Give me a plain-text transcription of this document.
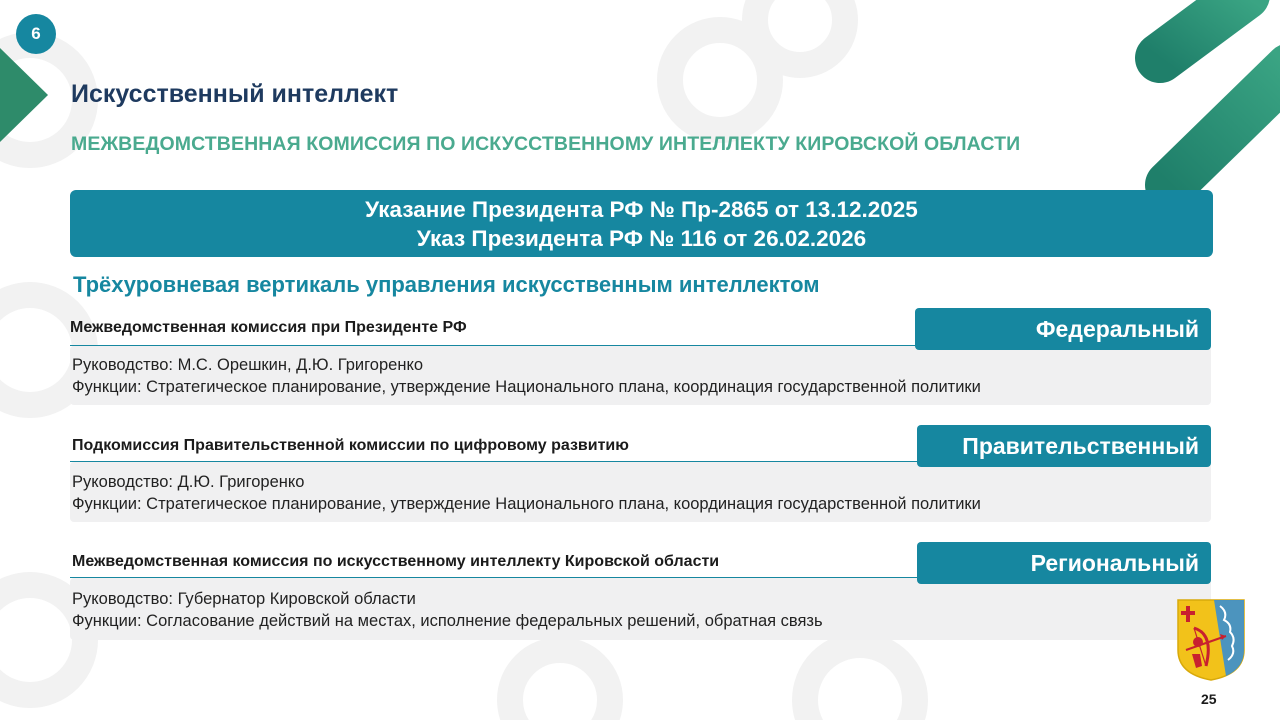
6
Искусственный интеллект
МЕЖВЕДОМСТВЕННАЯ КОМИССИЯ ПО ИСКУССТВЕННОМУ ИНТЕЛЛЕКТУ КИРОВСКОЙ ОБЛАСТИ
Указание Президента РФ № Пр-2865 от 13.12.2025
Указ Президента РФ № 116 от 26.02.2026
Трёхуровневая вертикаль управления искусственным интеллектом
Межведомственная комиссия при Президенте РФ	Федеральный
Руководство: М.С. Орешкин, Д.Ю. Григоренко
Функции: Стратегическое планирование, утверждение Национального плана, координация государственной политики
Подкомиссия Правительственной комиссии по цифровому развитию	Правительственный
Руководство: Д.Ю. Григоренко
Функции: Стратегическое планирование, утверждение Национального плана, координация государственной политики
Межведомственная комиссия по искусственному интеллекту Кировской области	Региональный
Руководство: Губернатор Кировской области
Функции: Согласование действий на местах, исполнение федеральных решений, обратная связь
25
